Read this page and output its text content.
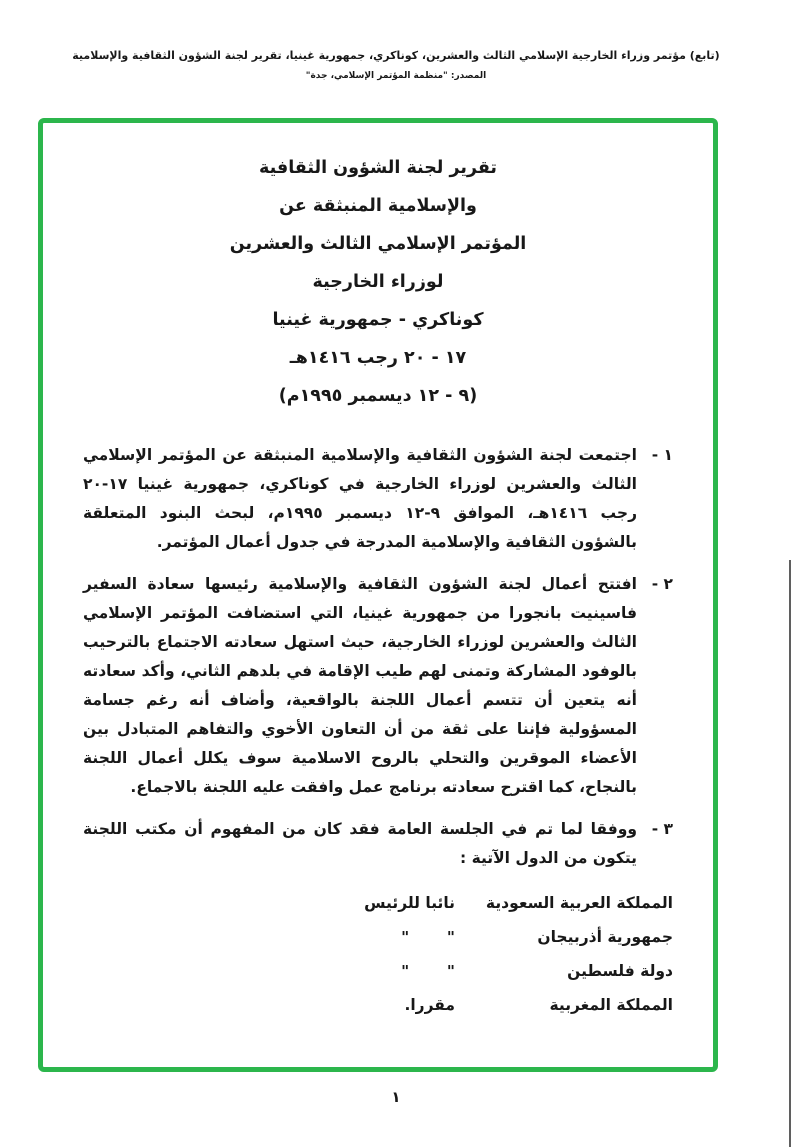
(تابع) مؤتمر وزراء الخارجية الإسلامي الثالث والعشرين، كوناكري، جمهورية غينيا، تقرير لجنة الشؤون الثقافية والإسلامية
المصدر: "منظمة المؤتمر الإسلامي، جدة"
تقرير لجنة الشؤون الثقافية
والإسلامية المنبثقة عن
المؤتمر الإسلامي الثالث والعشرين
لوزراء الخارجية
كوناكري - جمهورية غينيا
١٧ - ٢٠ رجب ١٤١٦هـ
(٩ - ١٢ ديسمبر ١٩٩٥م)
١ -
اجتمعت لجنة الشؤون الثقافية والإسلامية المنبثقة عن المؤتمر الإسلامي الثالث والعشرين لوزراء الخارجية في كوناكري، جمهورية غينيا ١٧-٢٠ رجب ١٤١٦هـ، الموافق ٩-١٢ ديسمبر ١٩٩٥م، لبحث البنود المتعلقة بالشؤون الثقافية والإسلامية المدرجة في جدول أعمال المؤتمر.
٢ -
افتتح أعمال لجنة الشؤون الثقافية والإسلامية رئيسها سعادة السفير فاسينيت بانجورا من جمهورية غينيا، التي استضافت المؤتمر الإسلامي الثالث والعشرين لوزراء الخارجية، حيث استهل سعادته الاجتماع بالترحيب بالوفود المشاركة وتمنى لهم طيب الإقامة في بلدهم الثاني، وأكد سعادته أنه يتعين أن تتسم أعمال اللجنة بالواقعية، وأضاف أنه رغم جسامة المسؤولية فإننا على ثقة من أن التعاون الأخوي والتفاهم المتبادل بين الأعضاء الموقرين والتحلي بالروح الاسلامية سوف يكلل أعمال اللجنة بالنجاح، كما اقترح سعادته برنامج عمل وافقت عليه اللجنة بالاجماع.
٣ -
ووفقا لما تم في الجلسة العامة فقد كان من المفهوم أن مكتب اللجنة يتكون من الدول الآتية :
المملكة العربية السعودية
نائبا للرئيس
جمهورية أذربيجان
"       "
دولة فلسطين
"       "
المملكة المغربية
مقررا.
١
